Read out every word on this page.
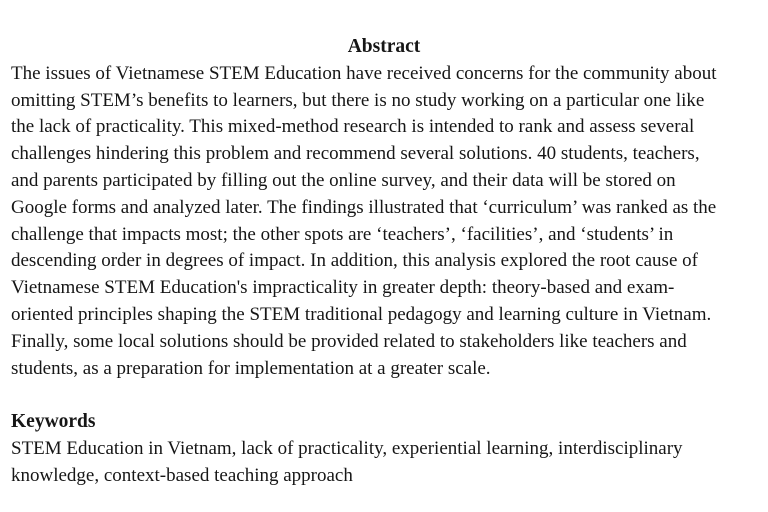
Abstract
The issues of Vietnamese STEM Education have received concerns for the community about
omitting STEM’s benefits to learners, but there is no study working on a particular one like
the lack of practicality. This mixed-method research is intended to rank and assess several
challenges hindering this problem and recommend several solutions. 40 students, teachers,
and parents participated by filling out the online survey, and their data will be stored on
Google forms and analyzed later. The findings illustrated that ‘curriculum’ was ranked as the
challenge that impacts most; the other spots are ‘teachers’, ‘facilities’, and ‘students’ in
descending order in degrees of impact. In addition, this analysis explored the root cause of
Vietnamese STEM Education's impracticality in greater depth: theory-based and exam-
oriented principles shaping the STEM traditional pedagogy and learning culture in Vietnam.
Finally, some local solutions should be provided related to stakeholders like teachers and
students, as a preparation for implementation at a greater scale.
Keywords
STEM Education in Vietnam, lack of practicality, experiential learning, interdisciplinary
knowledge, context-based teaching approach
